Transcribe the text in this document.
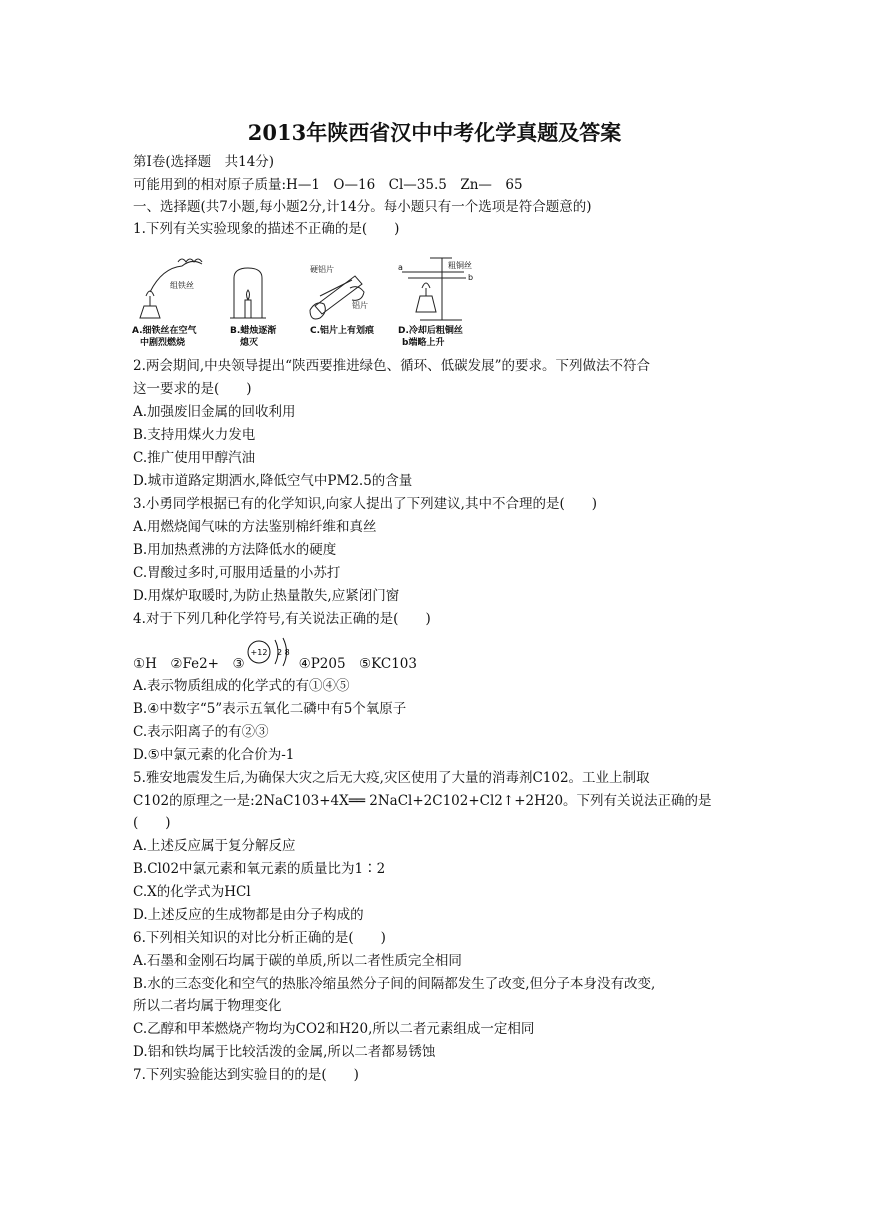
2013年陕西省汉中中考化学真题及答案
第Ⅰ卷(选择题　共14分)
可能用到的相对原子质量:H—1　O—16　Cl—35.5　Zn—　65
一、选择题(共7小题,每小题2分,计14分。每小题只有一个选项是符合题意的)
1.下列有关实验现象的描述不正确的是(　　)
组铁丝
硬铝片
铝片
粗铜丝
a
b
A.细铁丝在空气
中剧烈燃烧
B.蜡烛逐渐
熄灭
C.铝片上有划痕	D.冷却后粗铜丝
b端略上升
2.两会期间,中央领导提出“陕西要推进绿色、循环、低碳发展”的要求。下列做法不符合
这一要求的是(　　)
A.加强废旧金属的回收利用
B.支持用煤火力发电
C.推广使用甲醇汽油
D.城市道路定期洒水,降低空气中PM2.5的含量
3.小勇同学根据已有的化学知识,向家人提出了下列建议,其中不合理的是(　　)
A.用燃烧闻气味的方法鉴别棉纤维和真丝
B.用加热煮沸的方法降低水的硬度
C.胃酸过多时,可服用适量的小苏打
D.用煤炉取暖时,为防止热量散失,应紧闭门窗
4.对于下列几种化学符号,有关说法正确的是(　　)
+12 2 8
①H　②Fe2+　③　　　　④P205　⑤KC103
A.表示物质组成的化学式的有①④⑤
B.④中数字“5”表示五氧化二磷中有5个氧原子
C.表示阳离子的有②③
D.⑤中氯元素的化合价为-1
5.雅安地震发生后,为确保大灾之后无大疫,灾区使用了大量的消毒剂C102。工业上制取
C102的原理之一是:2NaC103+4X══ 2NaCl+2C102+Cl2↑+2H20。下列有关说法正确的是
(　　)
A.上述反应属于复分解反应
B.Cl02中氯元素和氧元素的质量比为1∶2
C.X的化学式为HCl
D.上述反应的生成物都是由分子构成的
6.下列相关知识的对比分析正确的是(　　)
A.石墨和金刚石均属于碳的单质,所以二者性质完全相同
B.水的三态变化和空气的热胀冷缩虽然分子间的间隔都发生了改变,但分子本身没有改变,
所以二者均属于物理变化
C.乙醇和甲苯燃烧产物均为CO2和H20,所以二者元素组成一定相同
D.铝和铁均属于比较活泼的金属,所以二者都易锈蚀
7.下列实验能达到实验目的的是(　　)
